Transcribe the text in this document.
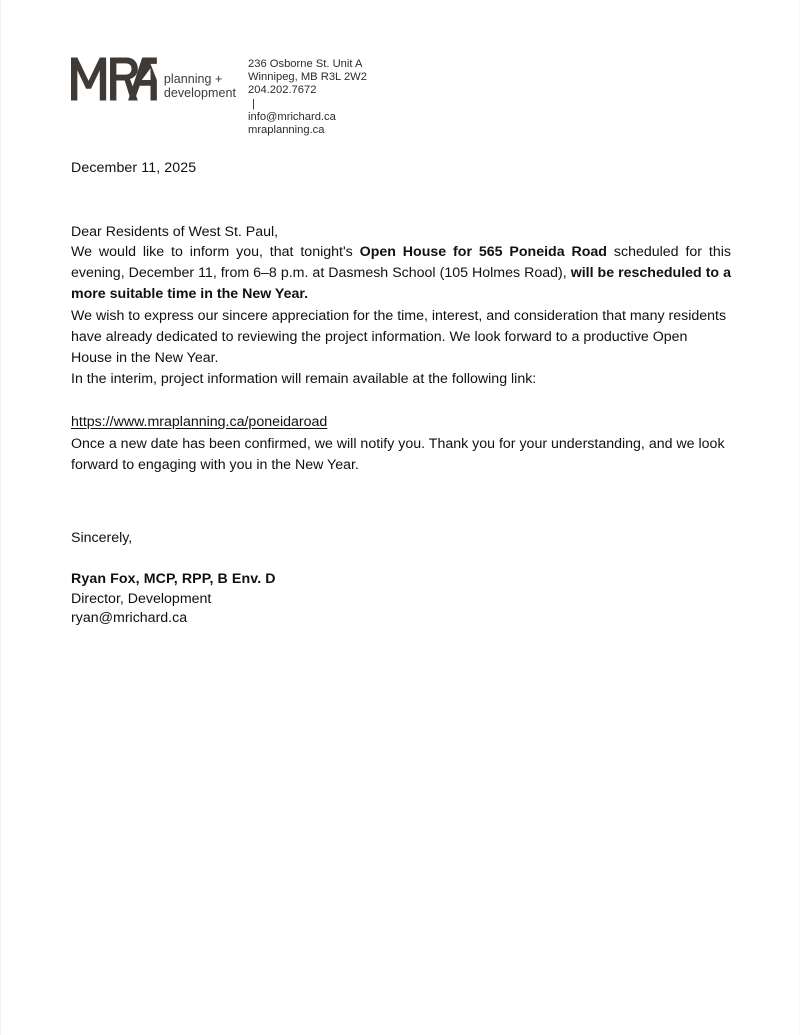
planning +
development
236 Osborne St. Unit A
Winnipeg, MB R3L 2W2
204.202.7672
|
info@mrichard.ca
mraplanning.ca
December 11, 2025
Dear Residents of West St. Paul,

We would like to inform you, that tonight's Open House for 565 Poneida Road scheduled for this evening, December 11, from 6–8 p.m. at Dasmesh School (105 Holmes Road), will be rescheduled to a more suitable time in the New Year.

We wish to express our sincere appreciation for the time, interest, and consideration that many residents have already dedicated to reviewing the project information. We look forward to a productive Open House in the New Year.

In the interim, project information will remain available at the following link:

https://www.mraplanning.ca/poneidaroad

Once a new date has been confirmed, we will notify you. Thank you for your understanding, and we look forward to engaging with you in the New Year.

Sincerely,
Ryan Fox, MCP, RPP, B Env. D
Director, Development
ryan@mrichard.ca
